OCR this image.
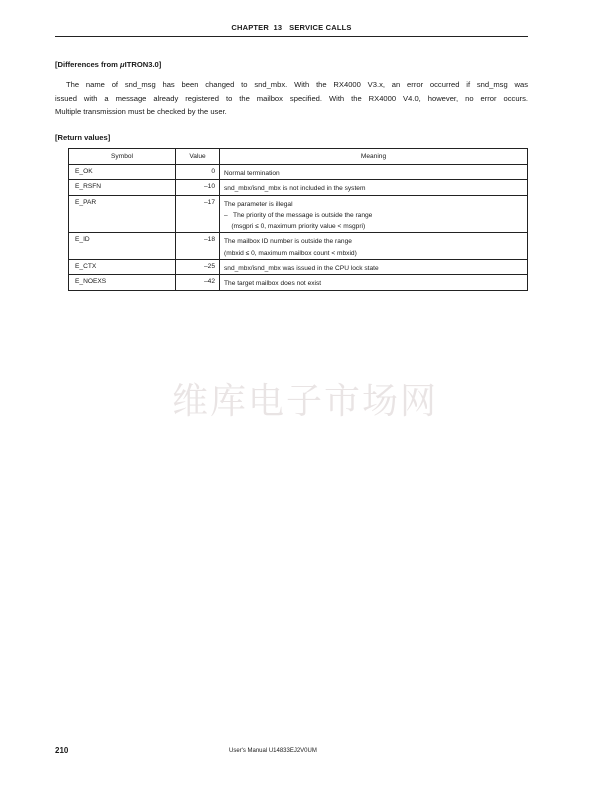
CHAPTER  13   SERVICE CALLS
[Differences from μITRON3.0]
The name of snd_msg has been changed to snd_mbx. With the RX4000 V3.x, an error occurred if snd_msg was
issued with a message already registered to the mailbox specified. With the RX4000 V4.0, however, no error occurs.
Multiple transmission must be checked by the user.
[Return values]
Symbol	Value	Meaning
E_OK	0	Normal termination

E_RSFN	–10	snd_mbx/isnd_mbx is not included in the system

E_PAR	–17	The parameter is illegal
–   The priority of the message is outside the range
(msgpri ≤ 0, maximum priority value < msgpri)

E_ID	–18	The mailbox ID number is outside the range
(mbxid ≤ 0, maximum mailbox count < mbxid)

E_CTX	–25	snd_mbx/isnd_mbx was issued in the CPU lock state

E_NOEXS	–42	The target mailbox does not exist
维库电子市场网
210	User's Manual U14833EJ2V0UM
